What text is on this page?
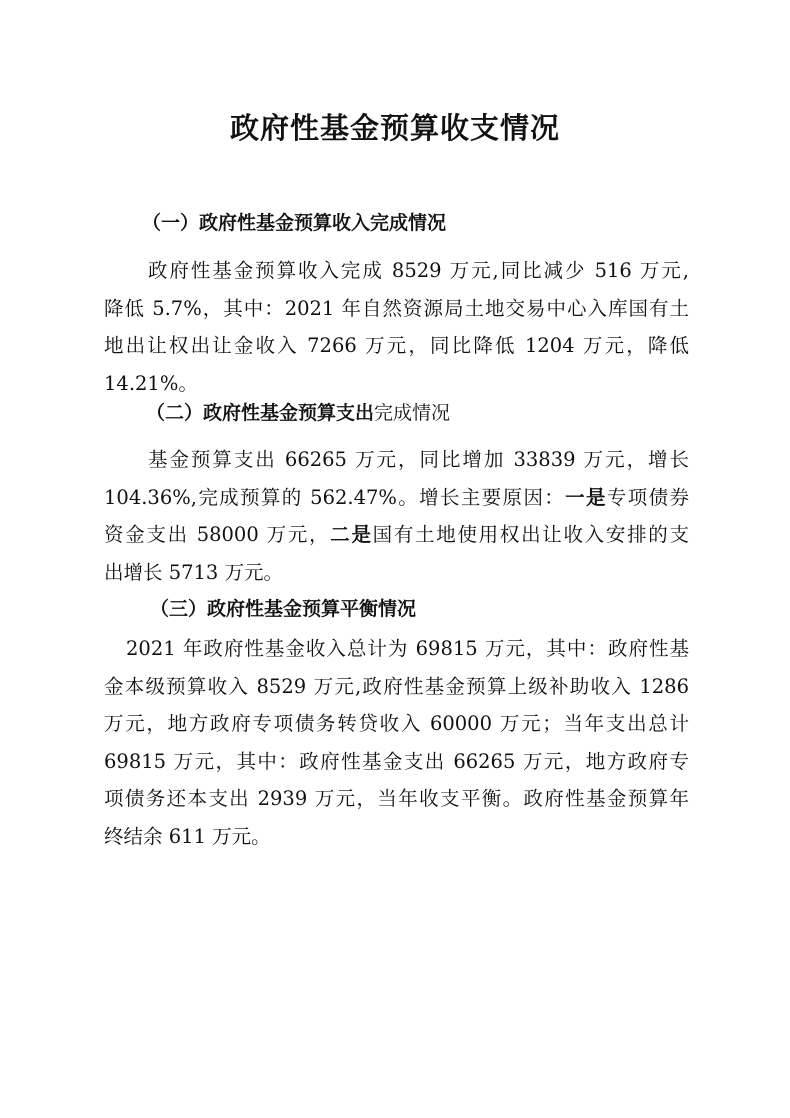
政府性基金预算收支情况
（一）政府性基金预算收入完成情况
政府性基金预算收入完成 8529 万元,同比减少 516 万元,
降低 5.7%，其中：2021 年自然资源局土地交易中心入库国有土
地出让权出让金收入 7266 万元，同比降低 1204 万元，降低
14.21%。
（二）政府性基金预算支出完成情况
基金预算支出 66265 万元，同比增加 33839 万元，增长
104.36%,完成预算的 562.47%。增长主要原因：一是专项债券
资金支出 58000 万元，二是国有土地使用权出让收入安排的支
出增长 5713 万元。
（三）政府性基金预算平衡情况
2021 年政府性基金收入总计为 69815 万元，其中：政府性基
金本级预算收入 8529 万元,政府性基金预算上级补助收入 1286
万元，地方政府专项债务转贷收入 60000 万元；当年支出总计
69815 万元，其中：政府性基金支出 66265 万元，地方政府专
项债务还本支出 2939 万元，当年收支平衡。政府性基金预算年
终结余 611 万元。
